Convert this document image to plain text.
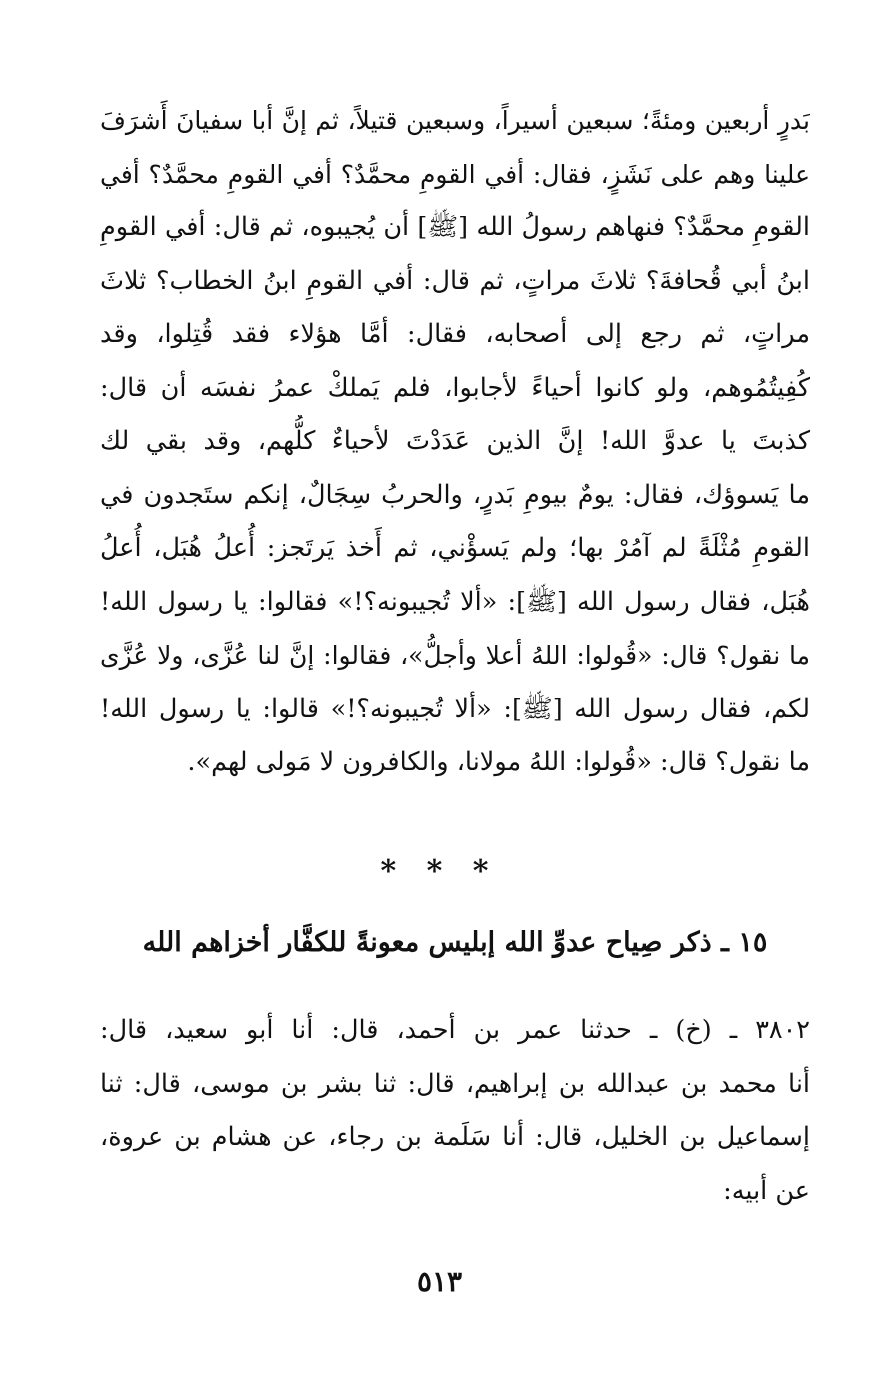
بَدرٍ أربعين ومئةً؛ سبعين أسيراً، وسبعين قتيلاً، ثم إنَّ أبا سفيانَ أَشرَفَ
علينا وهم على نَشَزٍ، فقال: أفي القومِ محمَّدٌ؟ أفي القومِ محمَّدٌ؟ أفي
القومِ محمَّدٌ؟ فنهاهم رسولُ الله [ﷺ] أن يُجيبوه، ثم قال: أفي القومِ
ابنُ أبي قُحافةَ؟ ثلاثَ مراتٍ، ثم قال: أفي القومِ ابنُ الخطاب؟ ثلاثَ
مراتٍ، ثم رجع إلى أصحابه، فقال: أمَّا هؤلاء فقد قُتِلوا، وقد
كُفِيتُمُوهم، ولو كانوا أحياءً لأجابوا، فلم يَملكْ عمرُ نفسَه أن قال:
كذبتَ يا عدوَّ الله! إنَّ الذين عَدَدْتَ لأحياءٌ كلُّهم، وقد بقي لك
ما يَسوؤك، فقال: يومٌ بيومِ بَدرٍ، والحربُ سِجَالٌ، إنكم ستَجدون في
القومِ مُثْلَةً لم آمُرْ بها؛ ولم يَسؤْني، ثم أَخذ يَرتَجز: أُعلُ هُبَل، أُعلُ
هُبَل، فقال رسول الله [ﷺ]: «ألا تُجيبونه؟!» فقالوا: يا رسول الله!
ما نقول؟ قال: «قُولوا: اللهُ أعلا وأجلُّ»، فقالوا: إنَّ لنا عُزَّى، ولا عُزَّى
لكم، فقال رسول الله [ﷺ]: «ألا تُجيبونه؟!» قالوا: يا رسول الله!
ما نقول؟ قال: «قُولوا: اللهُ مولانا، والكافرون لا مَولى لهم».
* * *
١٥ ـ ذكر صِياح عدوِّ الله إبليس معونةً للكفَّار أخزاهم الله
٣٨٠٢ ـ (خ) ـ حدثنا عمر بن أحمد، قال: أنا أبو سعيد، قال:
أنا محمد بن عبدالله بن إبراهيم، قال: ثنا بشر بن موسى، قال: ثنا
إسماعيل بن الخليل، قال: أنا سَلَمة بن رجاء، عن هشام بن عروة،
عن أبيه:
٥١٣
